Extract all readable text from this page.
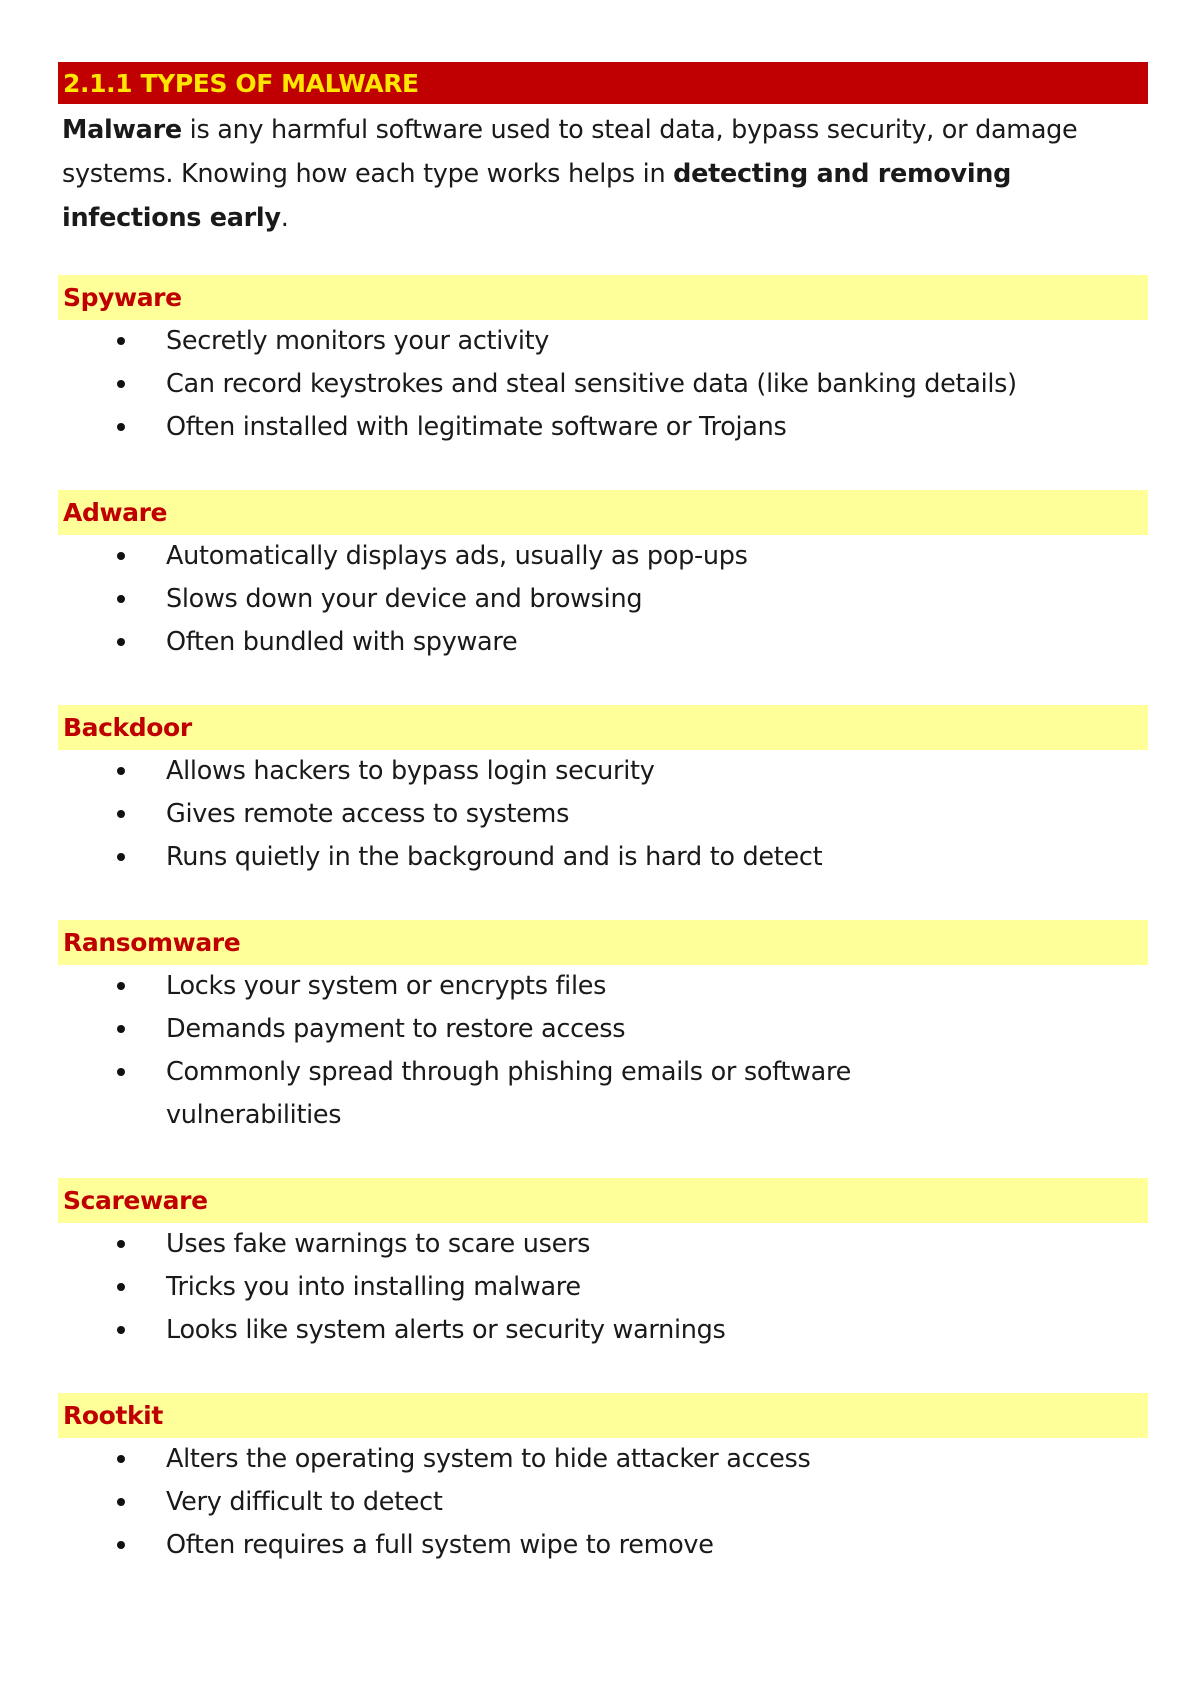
2.1.1 TYPES OF MALWARE

Malware is any harmful software used to steal data, bypass security, or damage systems. Knowing how each type works helps in detecting and removing infections early.

Spyware
Secretly monitors your activity
Can record keystrokes and steal sensitive data (like banking details)
Often installed with legitimate software or Trojans
Adware
Automatically displays ads, usually as pop-ups
Slows down your device and browsing
Often bundled with spyware
Backdoor
Allows hackers to bypass login security
Gives remote access to systems
Runs quietly in the background and is hard to detect
Ransomware
Locks your system or encrypts files
Demands payment to restore access
Commonly spread through phishing emails or software vulnerabilities
Scareware
Uses fake warnings to scare users
Tricks you into installing malware
Looks like system alerts or security warnings
Rootkit
Alters the operating system to hide attacker access
Very difficult to detect
Often requires a full system wipe to remove
